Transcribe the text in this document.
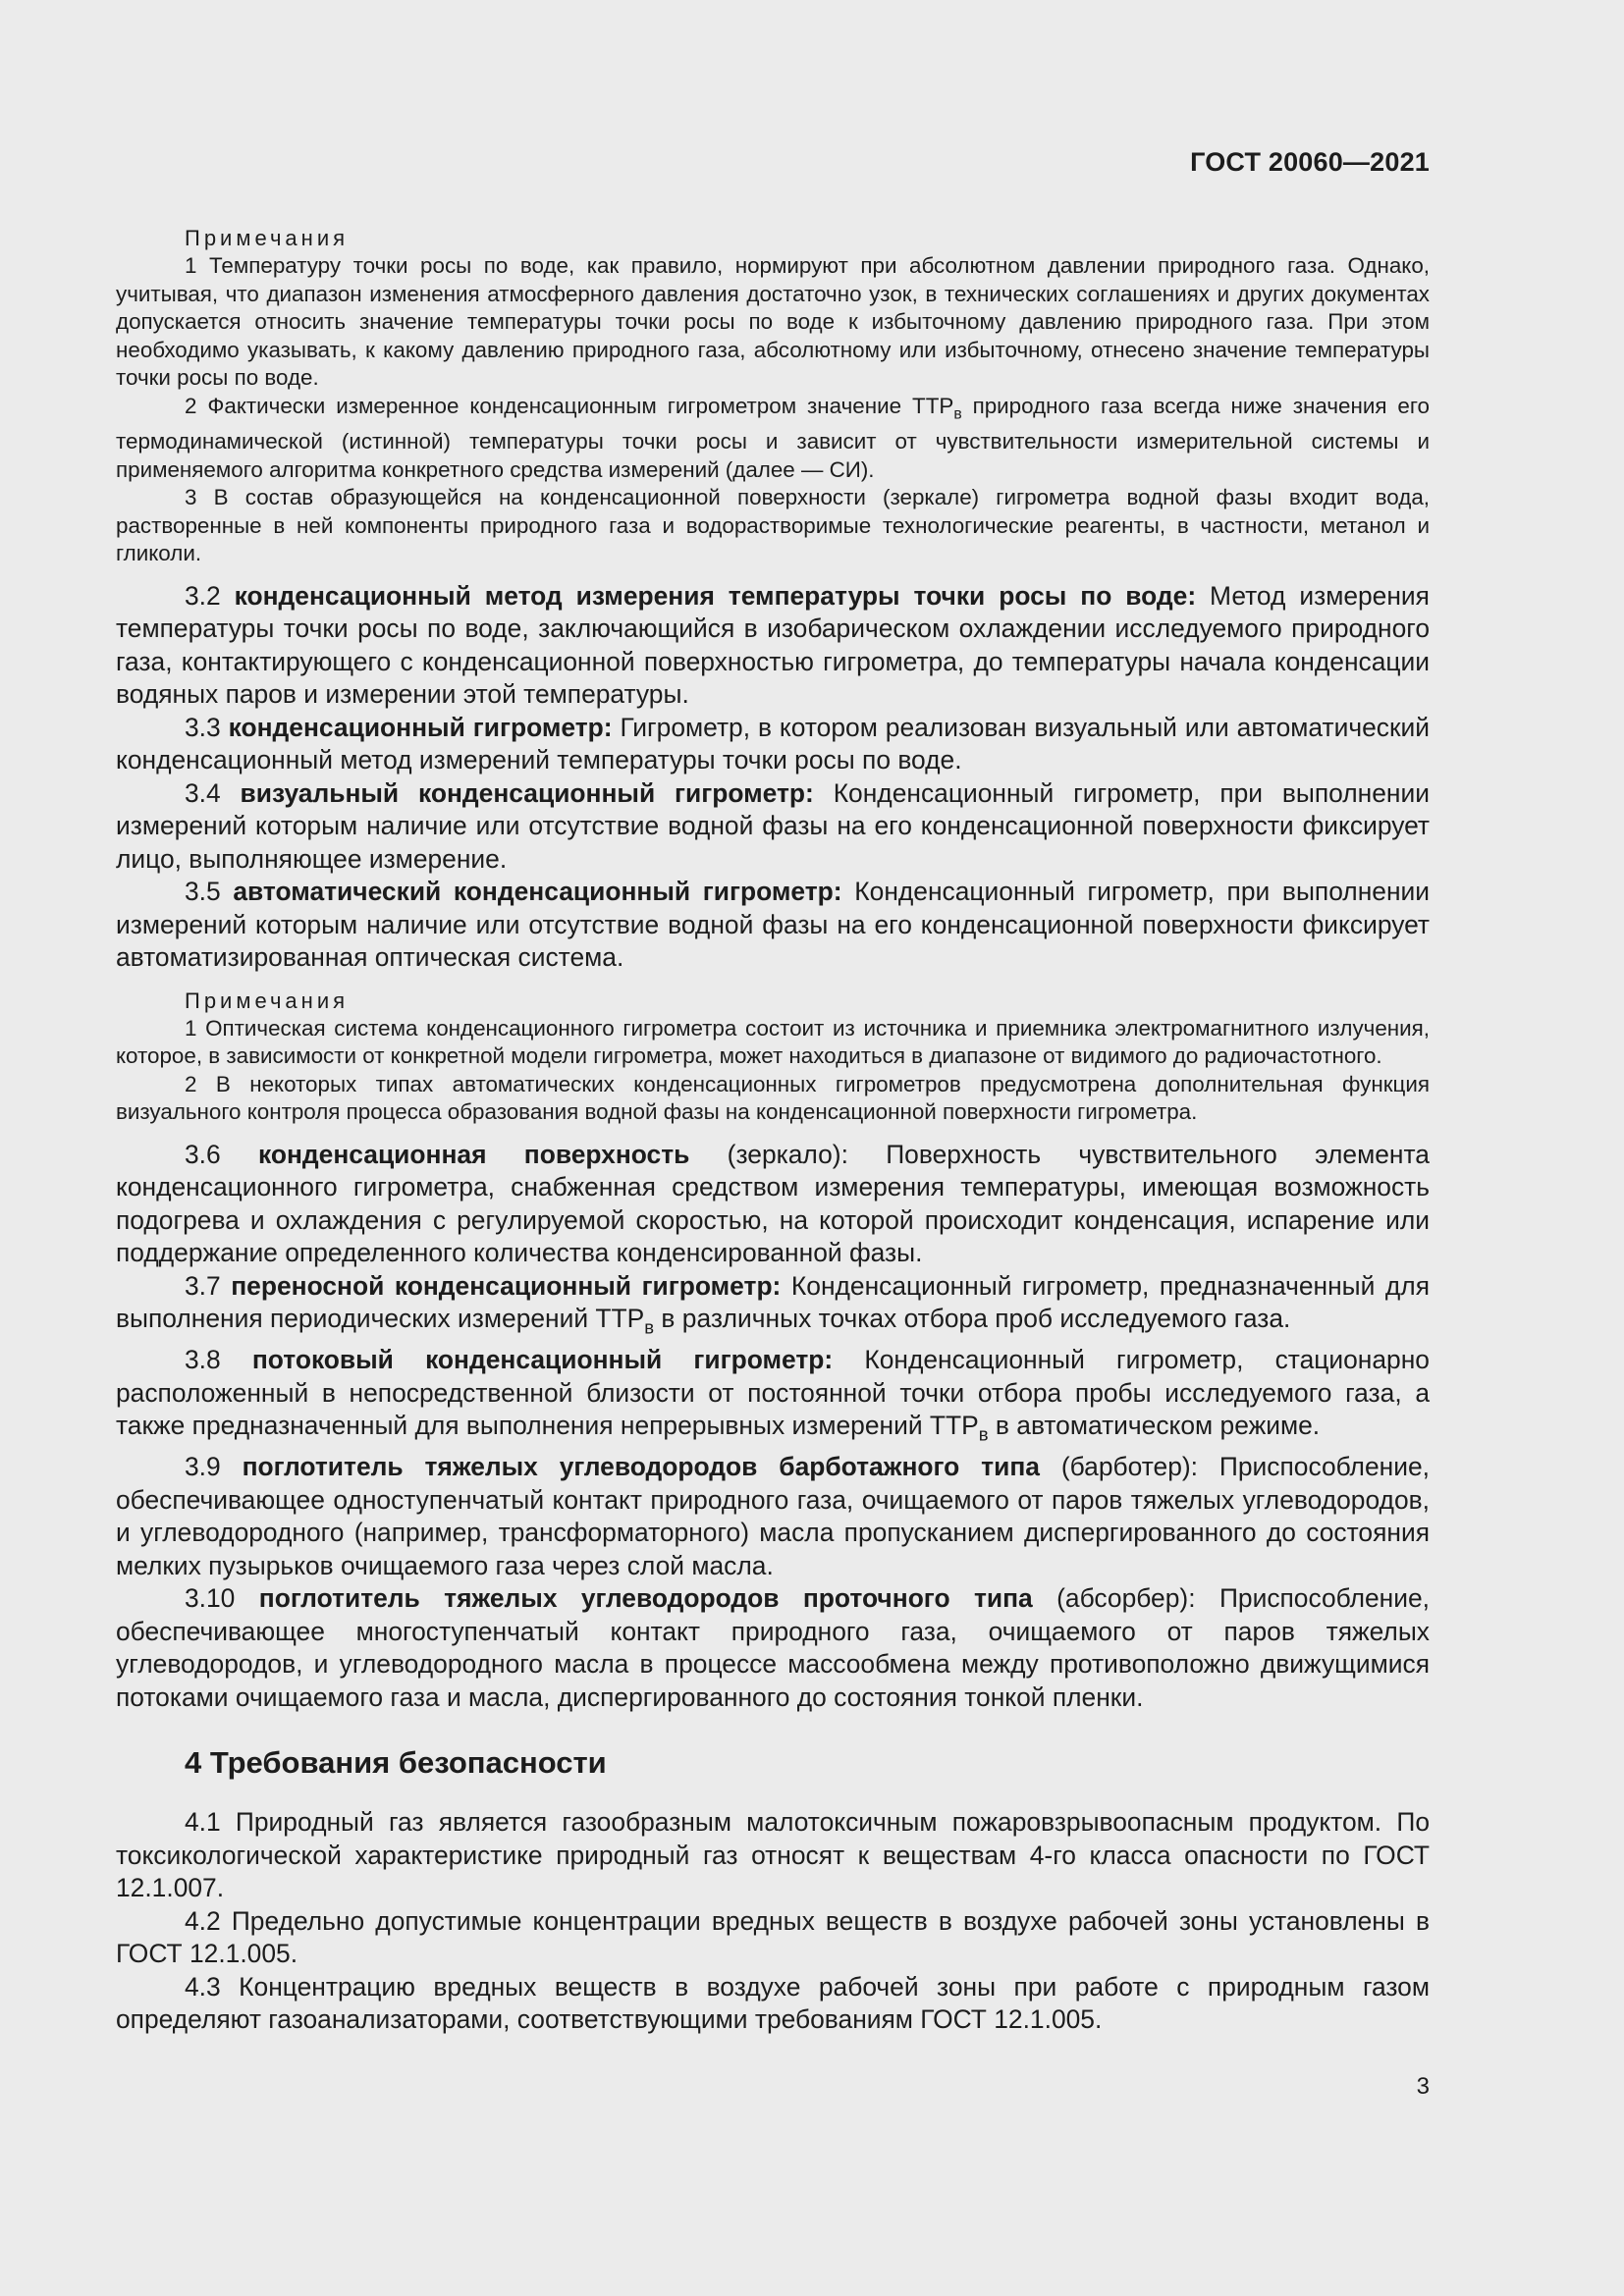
ГОСТ 20060—2021

Примечания

1 Температуру точки росы по воде, как правило, нормируют при абсолютном давлении природного газа. Однако, учитывая, что диапазон изменения атмосферного давления достаточно узок, в технических соглашениях и других документах допускается относить значение температуры точки росы по воде к избыточному давлению природного газа. При этом необходимо указывать, к какому давлению природного газа, абсолютному или избыточному, отнесено значение температуры точки росы по воде.

2 Фактически измеренное конденсационным гигрометром значение $ТТР_в$ природного газа всегда ниже значения его термодинамической (истинной) температуры точки росы и зависит от чувствительности измерительной системы и применяемого алгоритма конкретного средства измерений (далее — СИ).

3 В состав образующейся на конденсационной поверхности (зеркале) гигрометра водной фазы входит вода, растворенные в ней компоненты природного газа и водорастворимые технологические реагенты, в частности, метанол и гликоли.

3.2 конденсационный метод измерения температуры точки росы по воде: Метод измерения температуры точки росы по воде, заключающийся в изобарическом охлаждении исследуемого природного газа, контактирующего с конденсационной поверхностью гигрометра, до температуры начала конденсации водяных паров и измерении этой температуры.

3.3 конденсационный гигрометр: Гигрометр, в котором реализован визуальный или автоматический конденсационный метод измерений температуры точки росы по воде.

3.4 визуальный конденсационный гигрометр: Конденсационный гигрометр, при выполнении измерений которым наличие или отсутствие водной фазы на его конденсационной поверхности фиксирует лицо, выполняющее измерение.

3.5 автоматический конденсационный гигрометр: Конденсационный гигрометр, при выполнении измерений которым наличие или отсутствие водной фазы на его конденсационной поверхности фиксирует автоматизированная оптическая система.

Примечания

1 Оптическая система конденсационного гигрометра состоит из источника и приемника электромагнитного излучения, которое, в зависимости от конкретной модели гигрометра, может находиться в диапазоне от видимого до радиочастотного.

2 В некоторых типах автоматических конденсационных гигрометров предусмотрена дополнительная функция визуального контроля процесса образования водной фазы на конденсационной поверхности гигрометра.

3.6 конденсационная поверхность (зеркало): Поверхность чувствительного элемента конденсационного гигрометра, снабженная средством измерения температуры, имеющая возможность подогрева и охлаждения с регулируемой скоростью, на которой происходит конденсация, испарение или поддержание определенного количества конденсированной фазы.

3.7 переносной конденсационный гигрометр: Конденсационный гигрометр, предназначенный для выполнения периодических измерений $ТТР_в$ в различных точках отбора проб исследуемого газа.

3.8 потоковый конденсационный гигрометр: Конденсационный гигрометр, стационарно расположенный в непосредственной близости от постоянной точки отбора пробы исследуемого газа, а также предназначенный для выполнения непрерывных измерений $ТТР_в$ в автоматическом режиме.

3.9 поглотитель тяжелых углеводородов барботажного типа (барботер): Приспособление, обеспечивающее одноступенчатый контакт природного газа, очищаемого от паров тяжелых углеводородов, и углеводородного (например, трансформаторного) масла пропусканием диспергированного до состояния мелких пузырьков очищаемого газа через слой масла.

3.10 поглотитель тяжелых углеводородов проточного типа (абсорбер): Приспособление, обеспечивающее многоступенчатый контакт природного газа, очищаемого от паров тяжелых углеводородов, и углеводородного масла в процессе массообмена между противоположно движущимися потоками очищаемого газа и масла, диспергированного до состояния тонкой пленки.

4 Требования безопасности

4.1 Природный газ является газообразным малотоксичным пожаровзрывоопасным продуктом. По токсикологической характеристике природный газ относят к веществам 4-го класса опасности по ГОСТ 12.1.007.

4.2 Предельно допустимые концентрации вредных веществ в воздухе рабочей зоны установлены в ГОСТ 12.1.005.

4.3 Концентрацию вредных веществ в воздухе рабочей зоны при работе с природным газом определяют газоанализаторами, соответствующими требованиям ГОСТ 12.1.005.

3
